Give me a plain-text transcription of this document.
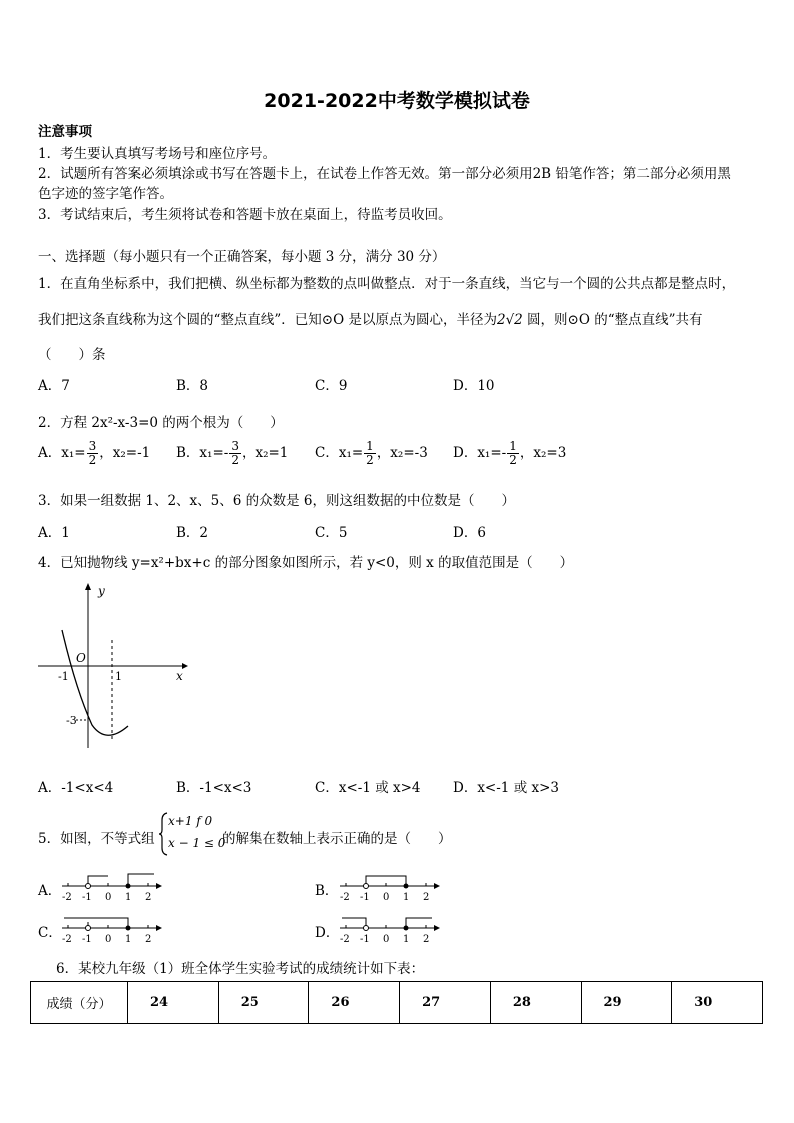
2021-2022中考数学模拟试卷
注意事项
1．考生要认真填写考场号和座位序号。
2．试题所有答案必须填涂或书写在答题卡上，在试卷上作答无效。第一部分必须用2B 铅笔作答；第二部分必须用黑
色字迹的签字笔作答。
3．考试结束后，考生须将试卷和答题卡放在桌面上，待监考员收回。
一、选择题（每小题只有一个正确答案，每小题 3 分，满分 30 分）
1．在直角坐标系中，我们把横、纵坐标都为整数的点叫做整点．对于一条直线，当它与一个圆的公共点都是整点时，
我们把这条直线称为这个圆的“整点直线”．已知⊙O 是以原点为圆心，半径为2√2 圆，则⊙O 的“整点直线”共有
（　　）条
A．7	B．8	C．9	D．10
2．方程 2x²-x-3=0 的两个根为（　　）
A．$x_1= \frac{3}{2}$ ，x₂=-1 B．$x_1=- \frac{3}{2}$ ，x₂=1 C．$x_1= \frac{1}{2}$ ，x₂=-3 D．$x_1=- \frac{1}{2}$ ，x₂=3
3．如果一组数据 1、2、x、5、6 的众数是 6，则这组数据的中位数是（　　）
A．1	B．2	C．5	D．6
4．已知抛物线 y=x²+bx+c 的部分图象如图所示，若 y<0，则 x 的取值范围是（　　）
y
x
O
-1	1
-3
A．-1<x<4	B．-1<x<3	C．x<-1 或 x>4 D．x<-1 或 x>3
5．如图，不等式组
x+1 f 0
x − 1 ≤ 0
的解集在数轴上表示正确的是（　　）
A．	B．
C．	D．
-2 -1 0 1 2	-2 -1 0 1 2
-2 -1 0 1 2	-2 -1 0 1 2
6．某校九年级（1）班全体学生实验考试的成绩统计如下表：
成绩（分）	24	25	26	27	28	29	30
